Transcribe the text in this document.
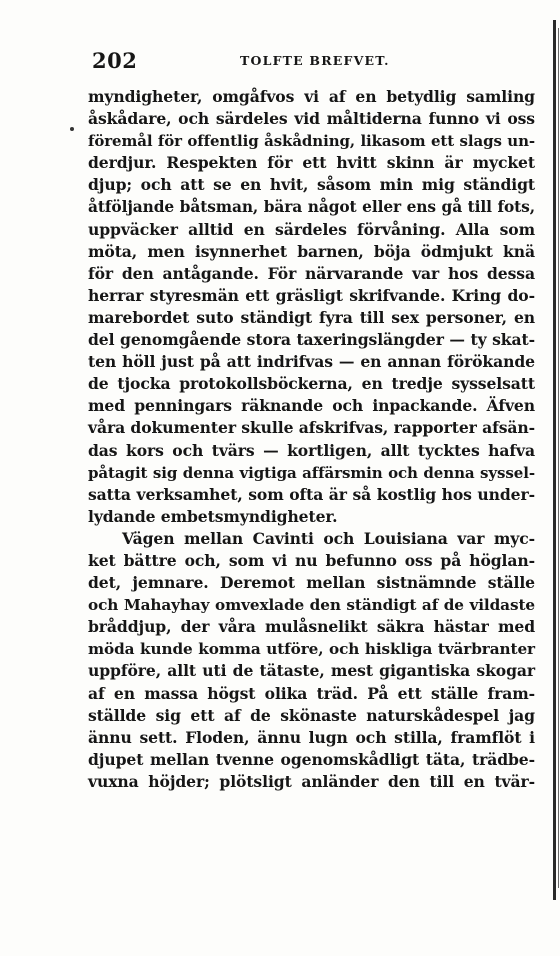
202	TOLFTE BREFVET.
myndigheter, omgåfvos vi af en betydlig samling
åskådare, och särdeles vid måltiderna funno vi oss
föremål för offentlig åskådning, likasom ett slags un-
derdjur. Respekten för ett hvitt skinn är mycket
djup; och att se en hvit, såsom min mig ständigt
åtföljande båtsman, bära något eller ens gå till fots,
uppväcker alltid en särdeles förvåning. Alla som
möta, men isynnerhet barnen, böja ödmjukt knä
för den antågande. För närvarande var hos dessa
herrar styresmän ett gräsligt skrifvande. Kring do-
marebordet suto ständigt fyra till sex personer, en
del genomgående stora taxeringslängder — ty skat-
ten höll just på att indrifvas — en annan förökande
de tjocka protokollsböckerna, en tredje sysselsatt
med penningars räknande och inpackande. Äfven
våra dokumenter skulle afskrifvas, rapporter afsän-
das kors och tvärs — kortligen, allt tycktes hafva
påtagit sig denna vigtiga affärsmin och denna syssel-
satta verksamhet, som ofta är så kostlig hos under-
lydande embetsmyndigheter.
Vägen mellan Cavinti och Louisiana var myc-
ket bättre och, som vi nu befunno oss på höglan-
det, jemnare. Deremot mellan sistnämnde ställe
och Mahayhay omvexlade den ständigt af de vildaste
bråddjup, der våra mulåsnelikt säkra hästar med
möda kunde komma utföre, och hiskliga tvärbranter
uppföre, allt uti de tätaste, mest gigantiska skogar
af en massa högst olika träd. På ett ställe fram-
ställde sig ett af de skönaste naturskådespel jag
ännu sett. Floden, ännu lugn och stilla, framflöt i
djupet mellan tvenne ogenomskådligt täta, trädbe-
vuxna höjder; plötsligt anländer den till en tvär-
